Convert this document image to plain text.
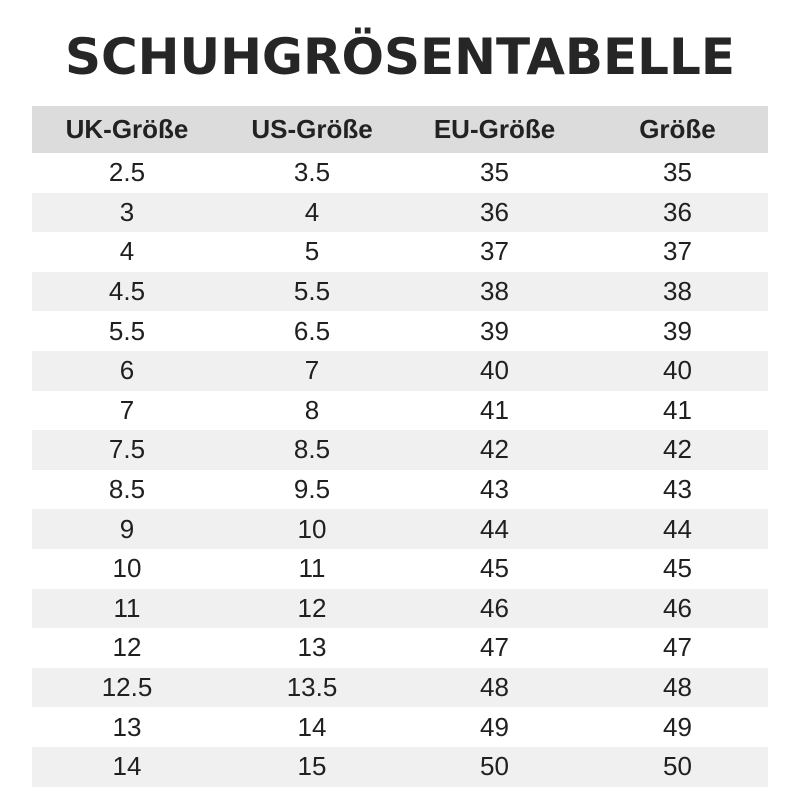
SCHUHGRÖSENTABELLE
UK-Größe	US-Größe	EU-Größe	Größe
2.5	3.5	35	35
3	4	36	36
4	5	37	37
4.5	5.5	38	38
5.5	6.5	39	39
6	7	40	40
7	8	41	41
7.5	8.5	42	42
8.5	9.5	43	43
9	10	44	44
10	11	45	45
11	12	46	46
12	13	47	47
12.5	13.5	48	48
13	14	49	49
14	15	50	50
